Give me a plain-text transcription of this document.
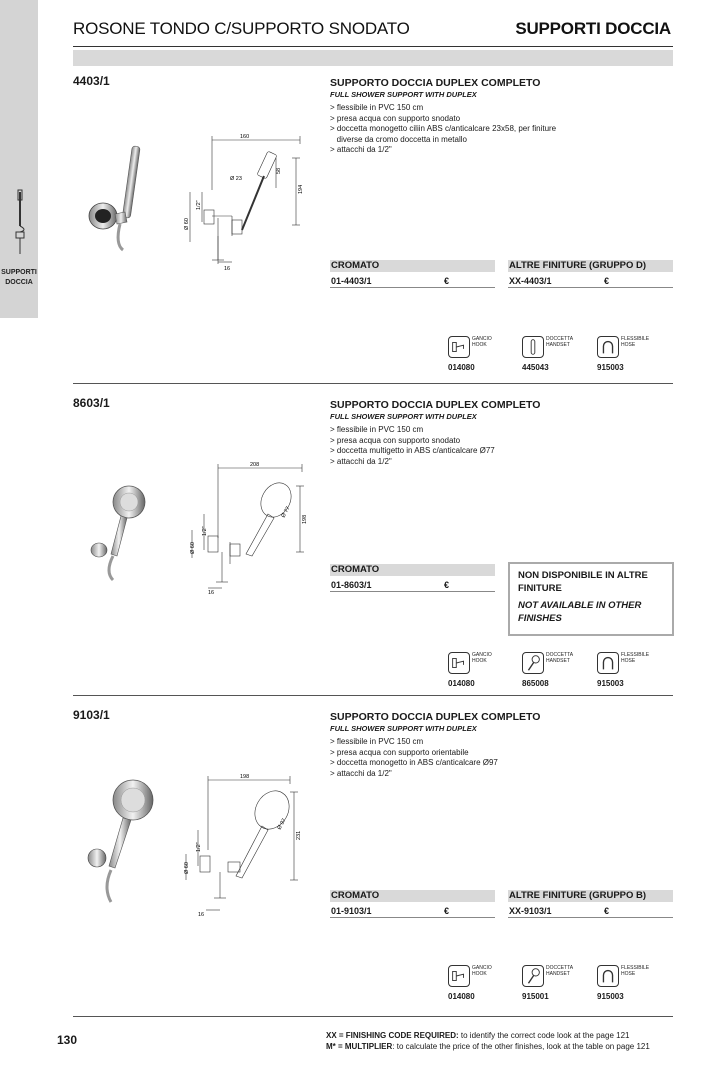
SUPPORTI
DOCCIA
ROSONE TONDO C/SUPPORTO SNODATO	SUPPORTI DOCCIA
4403/1	SUPPORTO DOCCIA DUPLEX COMPLETO
FULL SHOWER SUPPORT WITH DUPLEX
> flessibile in PVC 150 cm
> presa acqua con supporto snodato
> doccetta monogetto ciliin ABS c/anticalcare 23x58, per finiture
diverse da cromo doccetta in metallo
> attacchi da 1/2"
160
58
Ø 23
194
1/2"
Ø 60
16	CROMATO
01-4403/1	€
ALTRE FINITURE (GRUPPO D)
XX-4403/1	€
GANCIO
HOOK
014080
DOCCETTA
HANDSET
445043
FLESSIBILE
HOSE
915003
8603/1	SUPPORTO DOCCIA DUPLEX COMPLETO
FULL SHOWER SUPPORT WITH DUPLEX
> flessibile in PVC 150 cm
> presa acqua con supporto snodato
> doccetta multigetto in ABS c/anticalcare Ø77
> attacchi da 1/2"
208
Ø 77
198
1/2"
Ø 60
16
CROMATO
01-8603/1	€
NON DISPONIBILE IN ALTRE FINITURE
NOT AVAILABLE IN OTHER FINISHES
GANCIO
HOOK
014080
DOCCETTA
HANDSET
865008
FLESSIBILE
HOSE
915003
9103/1	SUPPORTO DOCCIA DUPLEX COMPLETO
FULL SHOWER SUPPORT WITH DUPLEX
> flessibile in PVC 150 cm
> presa acqua con supporto orientabile
> doccetta monogetto in ABS c/anticalcare Ø97
> attacchi da 1/2"
198
Ø 97
231
1/2"
Ø 60
16
CROMATO
01-9103/1	€
ALTRE FINITURE (GRUPPO B)
XX-9103/1	€
GANCIO
HOOK
014080
DOCCETTA
HANDSET
915001
FLESSIBILE
HOSE
915003
130	XX = FINISHING CODE REQUIRED: to identify the correct code look at the page 121
M* = MULTIPLIER: to calculate the price of the other finishes, look at the table on page 121
